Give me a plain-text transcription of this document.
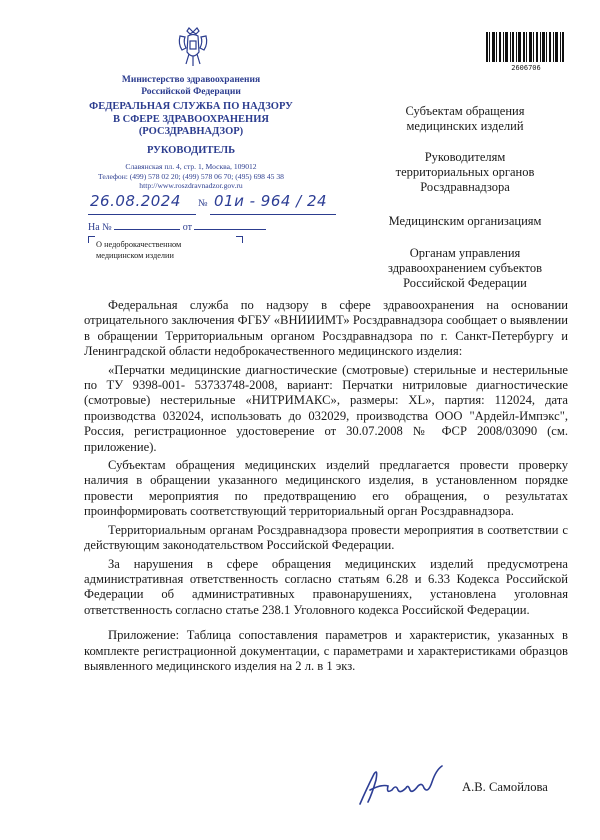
Министерство здравоохранения
Российской Федерации
ФЕДЕРАЛЬНАЯ СЛУЖБА ПО НАДЗОРУ
В СФЕРЕ ЗДРАВООХРАНЕНИЯ
(РОСЗДРАВНАДЗОР)
РУКОВОДИТЕЛЬ
Славянская пл. 4, стр. 1, Москва, 109012
Телефон: (499) 578 02 20; (499) 578 06 70; (495) 698 45 38
http://www.roszdravnadzor.gov.ru
26.08.2024 № 01и - 964 / 24
На №	от
О недоброкачественном
медицинском изделии
2606706
Субъектам обращения медицинских изделий
Руководителям территориальных органов Росздравнадзора
Медицинским организациям
Органам управления здравоохранением субъектов Российской Федерации

Федеральная служба по надзору в сфере здравоохранения на основании отрицательного заключения ФГБУ «ВНИИИМТ» Росздравнадзора сообщает о выявлении в обращении Территориальным органом Росздравнадзора по г. Санкт-Петербургу и Ленинградской области недоброкачественного медицинского изделия:

«Перчатки медицинские диагностические (смотровые) стерильные и нестерильные по ТУ 9398-001- 53733748-2008, вариант: Перчатки нитриловые диагностические (смотровые) нестерильные «НИТРИМАКС», размеры: XL», партия: 112024, дата производства 032024, использовать до 032029, производства ООО "Ардейл-Импэкс", Россия, регистрационное удостоверение от 30.07.2008 № ФСР 2008/03090 (см. приложение).

Субъектам обращения медицинских изделий предлагается провести проверку наличия в обращении указанного медицинского изделия, в установленном порядке провести мероприятия по предотвращению его обращения, о результатах проинформировать соответствующий территориальный орган Росздравнадзора.

Территориальным органам Росздравнадзора провести мероприятия в соответствии с действующим законодательством Российской Федерации.

За нарушения в сфере обращения медицинских изделий предусмотрена административная ответственность согласно статьям 6.28 и 6.33 Кодекса Российской Федерации об административных правонарушениях, установлена уголовная ответственность согласно статье 238.1 Уголовного кодекса Российской Федерации.

Приложение: Таблица сопоставления параметров и характеристик, указанных в комплекте регистрационной документации, с параметрами и характеристиками образцов выявленного медицинского изделия на 2 л. в 1 экз.

А.В. Самойлова
